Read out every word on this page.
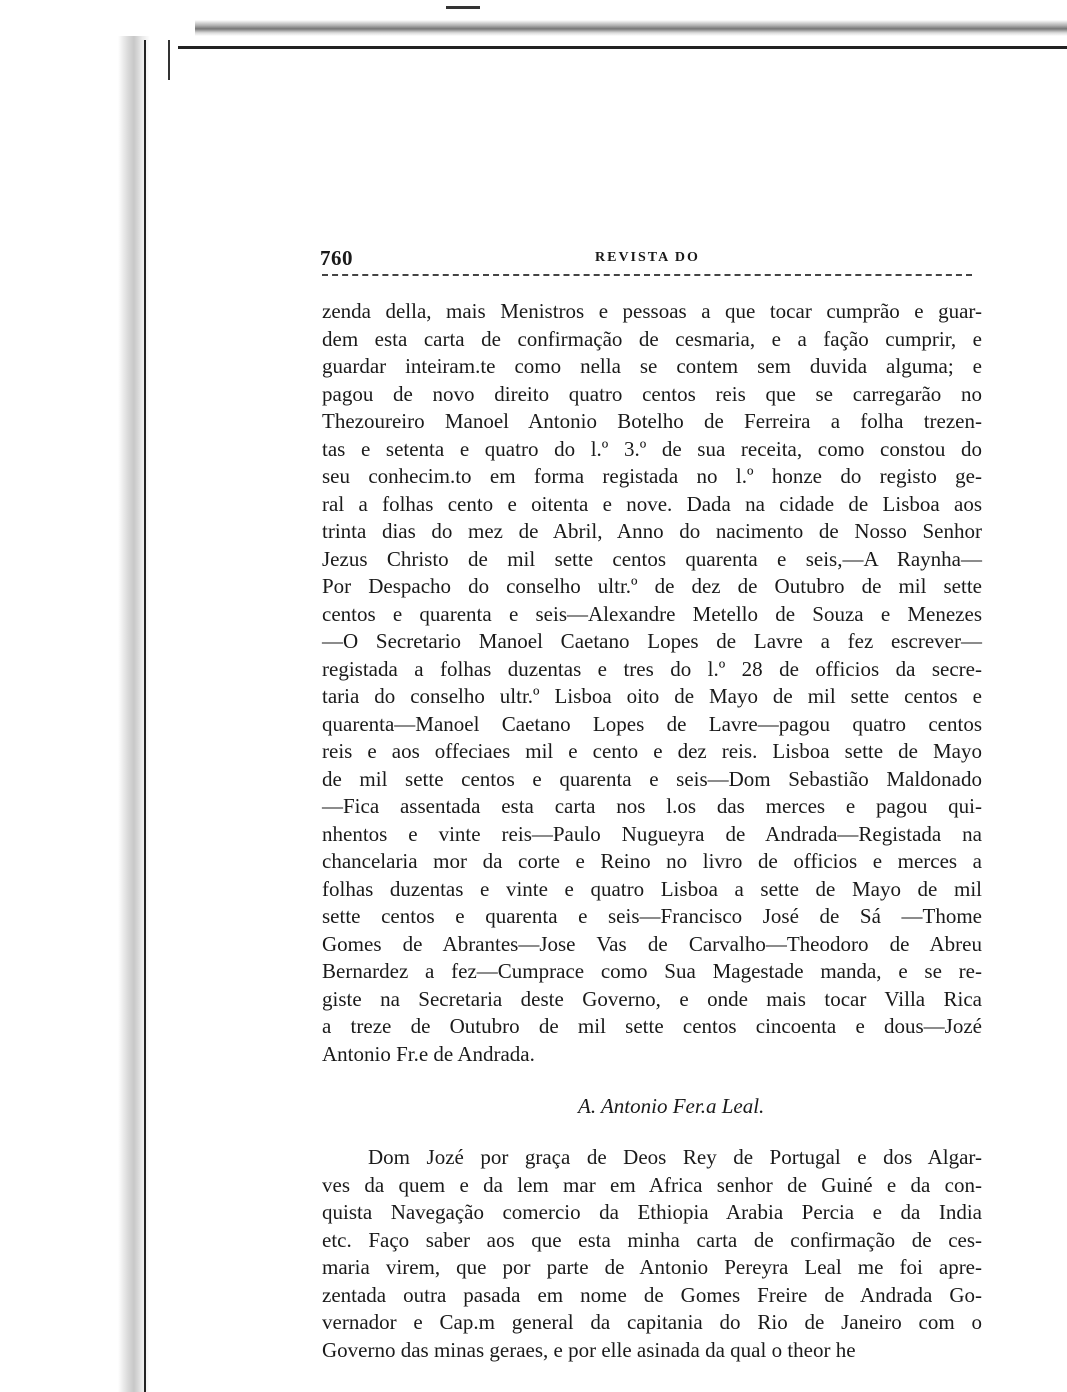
760	REVISTA DO
zenda della, mais Menistros e pessoas a que tocar cumprão e guar-
dem esta carta de confirmação de cesmaria, e a fação cumprir, e
guardar inteiram.te como nella se contem sem duvida alguma; e
pagou de novo direito quatro centos reis que se carregarão no
Thezoureiro Manoel Antonio Botelho de Ferreira a folha trezen-
tas e setenta e quatro do l.º 3.º de sua receita, como constou do
seu conhecim.to em forma registada no l.º honze do registo ge-
ral a folhas cento e oitenta e nove. Dada na cidade de Lisboa aos
trinta dias do mez de Abril, Anno do nacimento de Nosso Senhor
Jezus Christo de mil sette centos quarenta e seis,—A Raynha—
Por Despacho do conselho ultr.º de dez de Outubro de mil sette
centos e quarenta e seis—Alexandre Metello de Souza e Menezes
—O Secretario Manoel Caetano Lopes de Lavre a fez escrever—
registada a folhas duzentas e tres do l.º 28 de officios da secre-
taria do conselho ultr.º Lisboa oito de Mayo de mil sette centos e
quarenta—Manoel Caetano Lopes de Lavre—pagou quatro centos
reis e aos offeciaes mil e cento e dez reis. Lisboa sette de Mayo
de mil sette centos e quarenta e seis—Dom Sebastião Maldonado
—Fica assentada esta carta nos l.os das merces e pagou qui-
nhentos e vinte reis—Paulo Nugueyra de Andrada—Registada na
chancelaria mor da corte e Reino no livro de officios e merces a
folhas duzentas e vinte e quatro Lisboa a sette de Mayo de mil
sette centos e quarenta e seis—Francisco José de Sá —Thome
Gomes de Abrantes—Jose Vas de Carvalho—Theodoro de Abreu
Bernardez a fez—Cumprace como Sua Magestade manda, e se re-
giste na Secretaria deste Governo, e onde mais tocar Villa Rica
a treze de Outubro de mil sette centos cincoenta e dous—Jozé
Antonio Fr.e de Andrada.
A. Antonio Fer.a Leal.
Dom Jozé por graça de Deos Rey de Portugal e dos Algar-
ves da quem e da lem mar em Africa senhor de Guiné e da con-
quista Navegação comercio da Ethiopia Arabia Percia e da India
etc. Faço saber aos que esta minha carta de confirmação de ces-
maria virem, que por parte de Antonio Pereyra Leal me foi apre-
zentada outra pasada em nome de Gomes Freire de Andrada Go-
vernador e Cap.m general da capitania do Rio de Janeiro com o
Governo das minas geraes, e por elle asinada da qual o theor he
